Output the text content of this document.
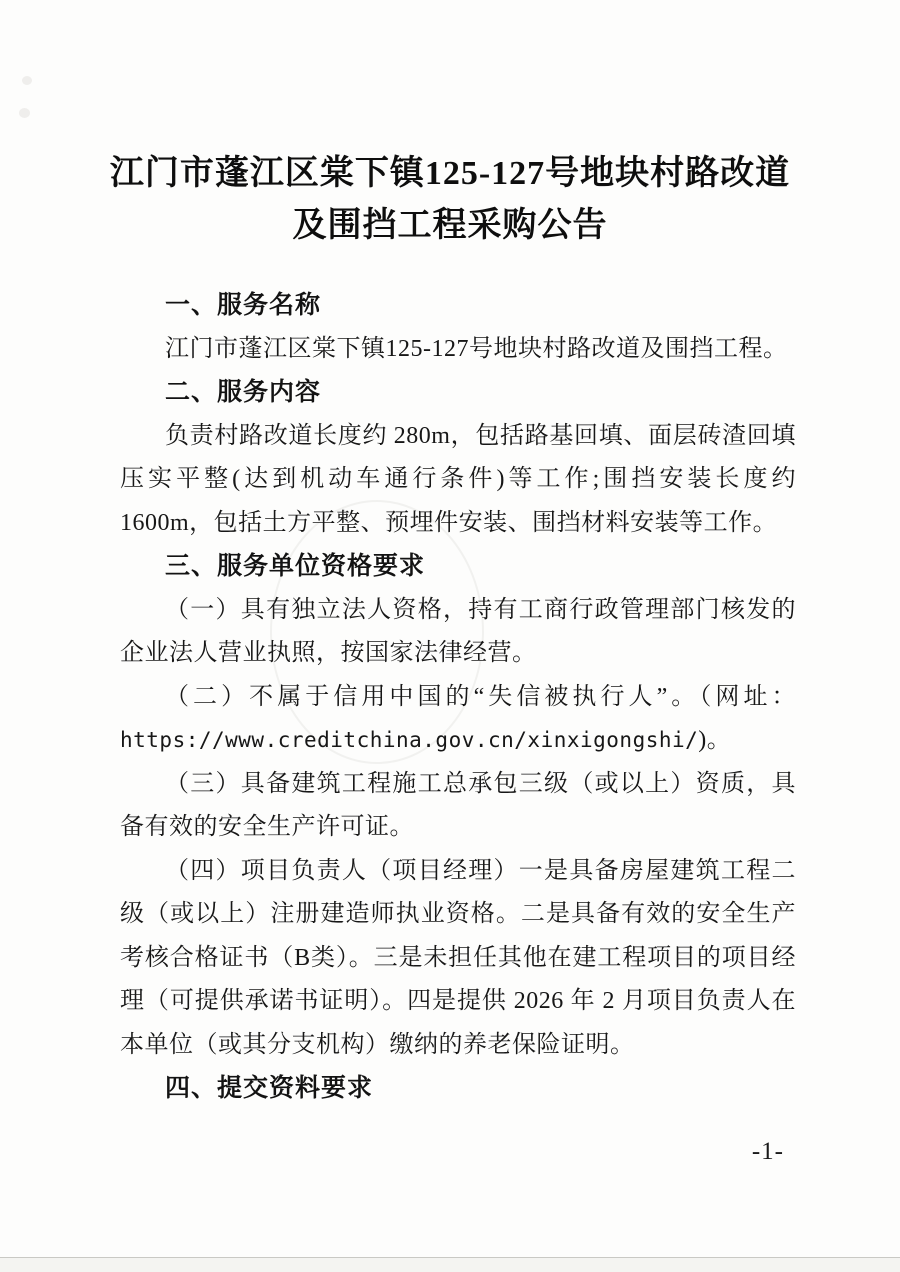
江门市蓬江区棠下镇125-127号地块村路改道
及围挡工程采购公告
一、服务名称
江门市蓬江区棠下镇125-127号地块村路改道及围挡工程。
二、服务内容
负责村路改道长度约 280m，包括路基回填、面层砖渣回填压实平整(达到机动车通行条件)等工作;围挡安装长度约 1600m，包括土方平整、预埋件安装、围挡材料安装等工作。
三、服务单位资格要求
（一）具有独立法人资格，持有工商行政管理部门核发的企业法人营业执照，按国家法律经营。
（二）不属于信用中国的“失信被执行人”。（网址：https://www.creditchina.gov.cn/xinxigongshi/)。
（三）具备建筑工程施工总承包三级（或以上）资质，具备有效的安全生产许可证。
（四）项目负责人（项目经理）一是具备房屋建筑工程二级（或以上）注册建造师执业资格。二是具备有效的安全生产考核合格证书（B类）。三是未担任其他在建工程项目的项目经理（可提供承诺书证明）。四是提供 2026 年 2 月项目负责人在本单位（或其分支机构）缴纳的养老保险证明。
四、提交资料要求
-1-
